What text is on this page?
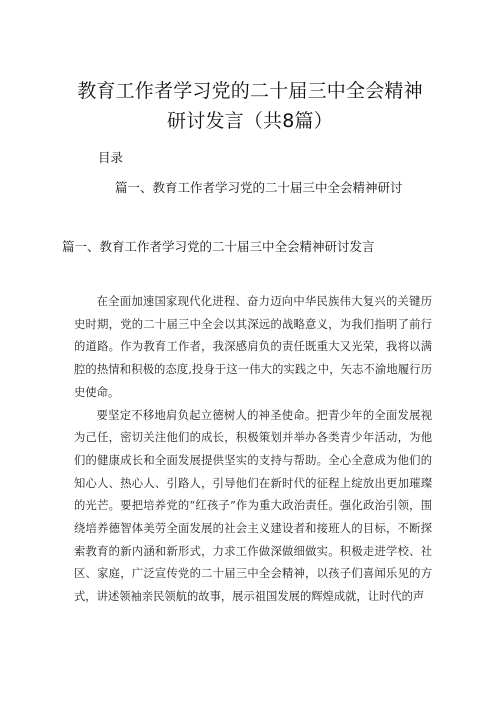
教育工作者学习党的二十届三中全会精神
研讨发言（共8篇）
目录
篇一、教育工作者学习党的二十届三中全会精神研讨
篇一、教育工作者学习党的二十届三中全会精神研讨发言

在全面加速国家现代化进程、奋力迈向中华民族伟大复兴的关键历史时期，党的二十届三中全会以其深远的战略意义，为我们指明了前行的道路。作为教育工作者，我深感肩负的责任既重大又光荣，我将以满腔的热情和积极的态度,投身于这一伟大的实践之中，矢志不渝地履行历史使命。

要坚定不移地肩负起立德树人的神圣使命。把青少年的全面发展视为己任，密切关注他们的成长，积极策划并举办各类青少年活动，为他们的健康成长和全面发展提供坚实的支持与帮助。全心全意成为他们的知心人、热心人、引路人，引导他们在新时代的征程上绽放出更加璀璨的光芒。要把培养党的“红孩子”作为重大政治责任。强化政治引领，围绕培养德智体美劳全面发展的社会主义建设者和接班人的目标，不断探索教育的新内涵和新形式，力求工作做深做细做实。积极走进学校、社区、家庭，广泛宣传党的二十届三中全会精神，以孩子们喜闻乐见的方式，讲述领袖亲民领航的故事，展示祖国发展的辉煌成就，让时代的声
